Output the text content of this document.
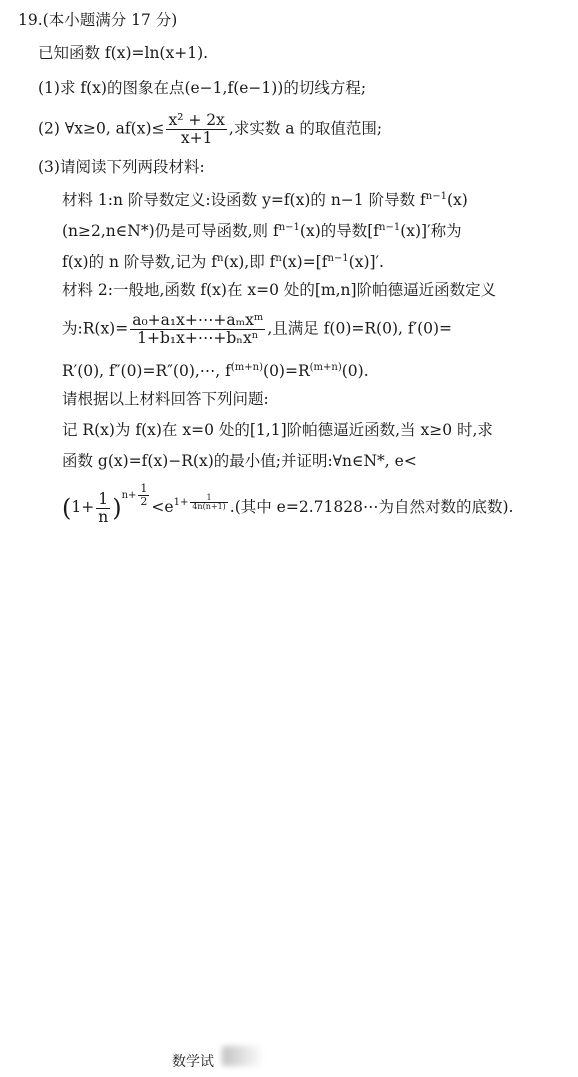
19.(本小题满分 17 分)
已知函数 f(x)=ln(x+1).
(1)求 f(x)的图象在点(e−1,f(e−1))的切线方程;
(2) ∀x≥0, $af(x)\le \frac{\text{x² + 2x}}{x+1}$ ,求实数 a 的取值范围;
(3)请阅读下列两段材料:
材料 1:n 阶导数定义:设函数 y=f(x)的 n−1 阶导数 $f^{n-1}(x)$
(n≥2,n∈N*)仍是可导函数,则 $f^{n-1}(x)$的导数$[f^{n-1}(x)]'$称为
f(x)的 n 阶导数,记为 $f^n(x)$,即 $f^n(x)=[f^{n-1}(x)]'$.
材料 2:一般地,函数 f(x)在 x=0 处的[m,n]阶帕德逼近函数定义
为:R(x)= $\frac{\text{a₀+a₁x+⋯+aₘxᵐ}}{\text{1+b₁x+⋯+bₙxⁿ}}$ ,且满足 f(0)=R(0), f′(0)=
R′(0), f″(0)=R″(0),⋯, $f^{(m+n)}(0)=R^{(m+n)}(0)$.
请根据以上材料回答下列问题:
记 R(x)为 f(x)在 x=0 处的[1,1]阶帕德逼近函数,当 x≥0 时,求
函数 g(x)=f(x)−R(x)的最小值;并证明:∀n∈N*, e<
$(1+ \frac{1}{n} )n+ \frac{1}{2} <e1+ \frac{1}{4n(n+1)}$ .(其中 e=2.71828⋯为自然对数的底数).
数学试
